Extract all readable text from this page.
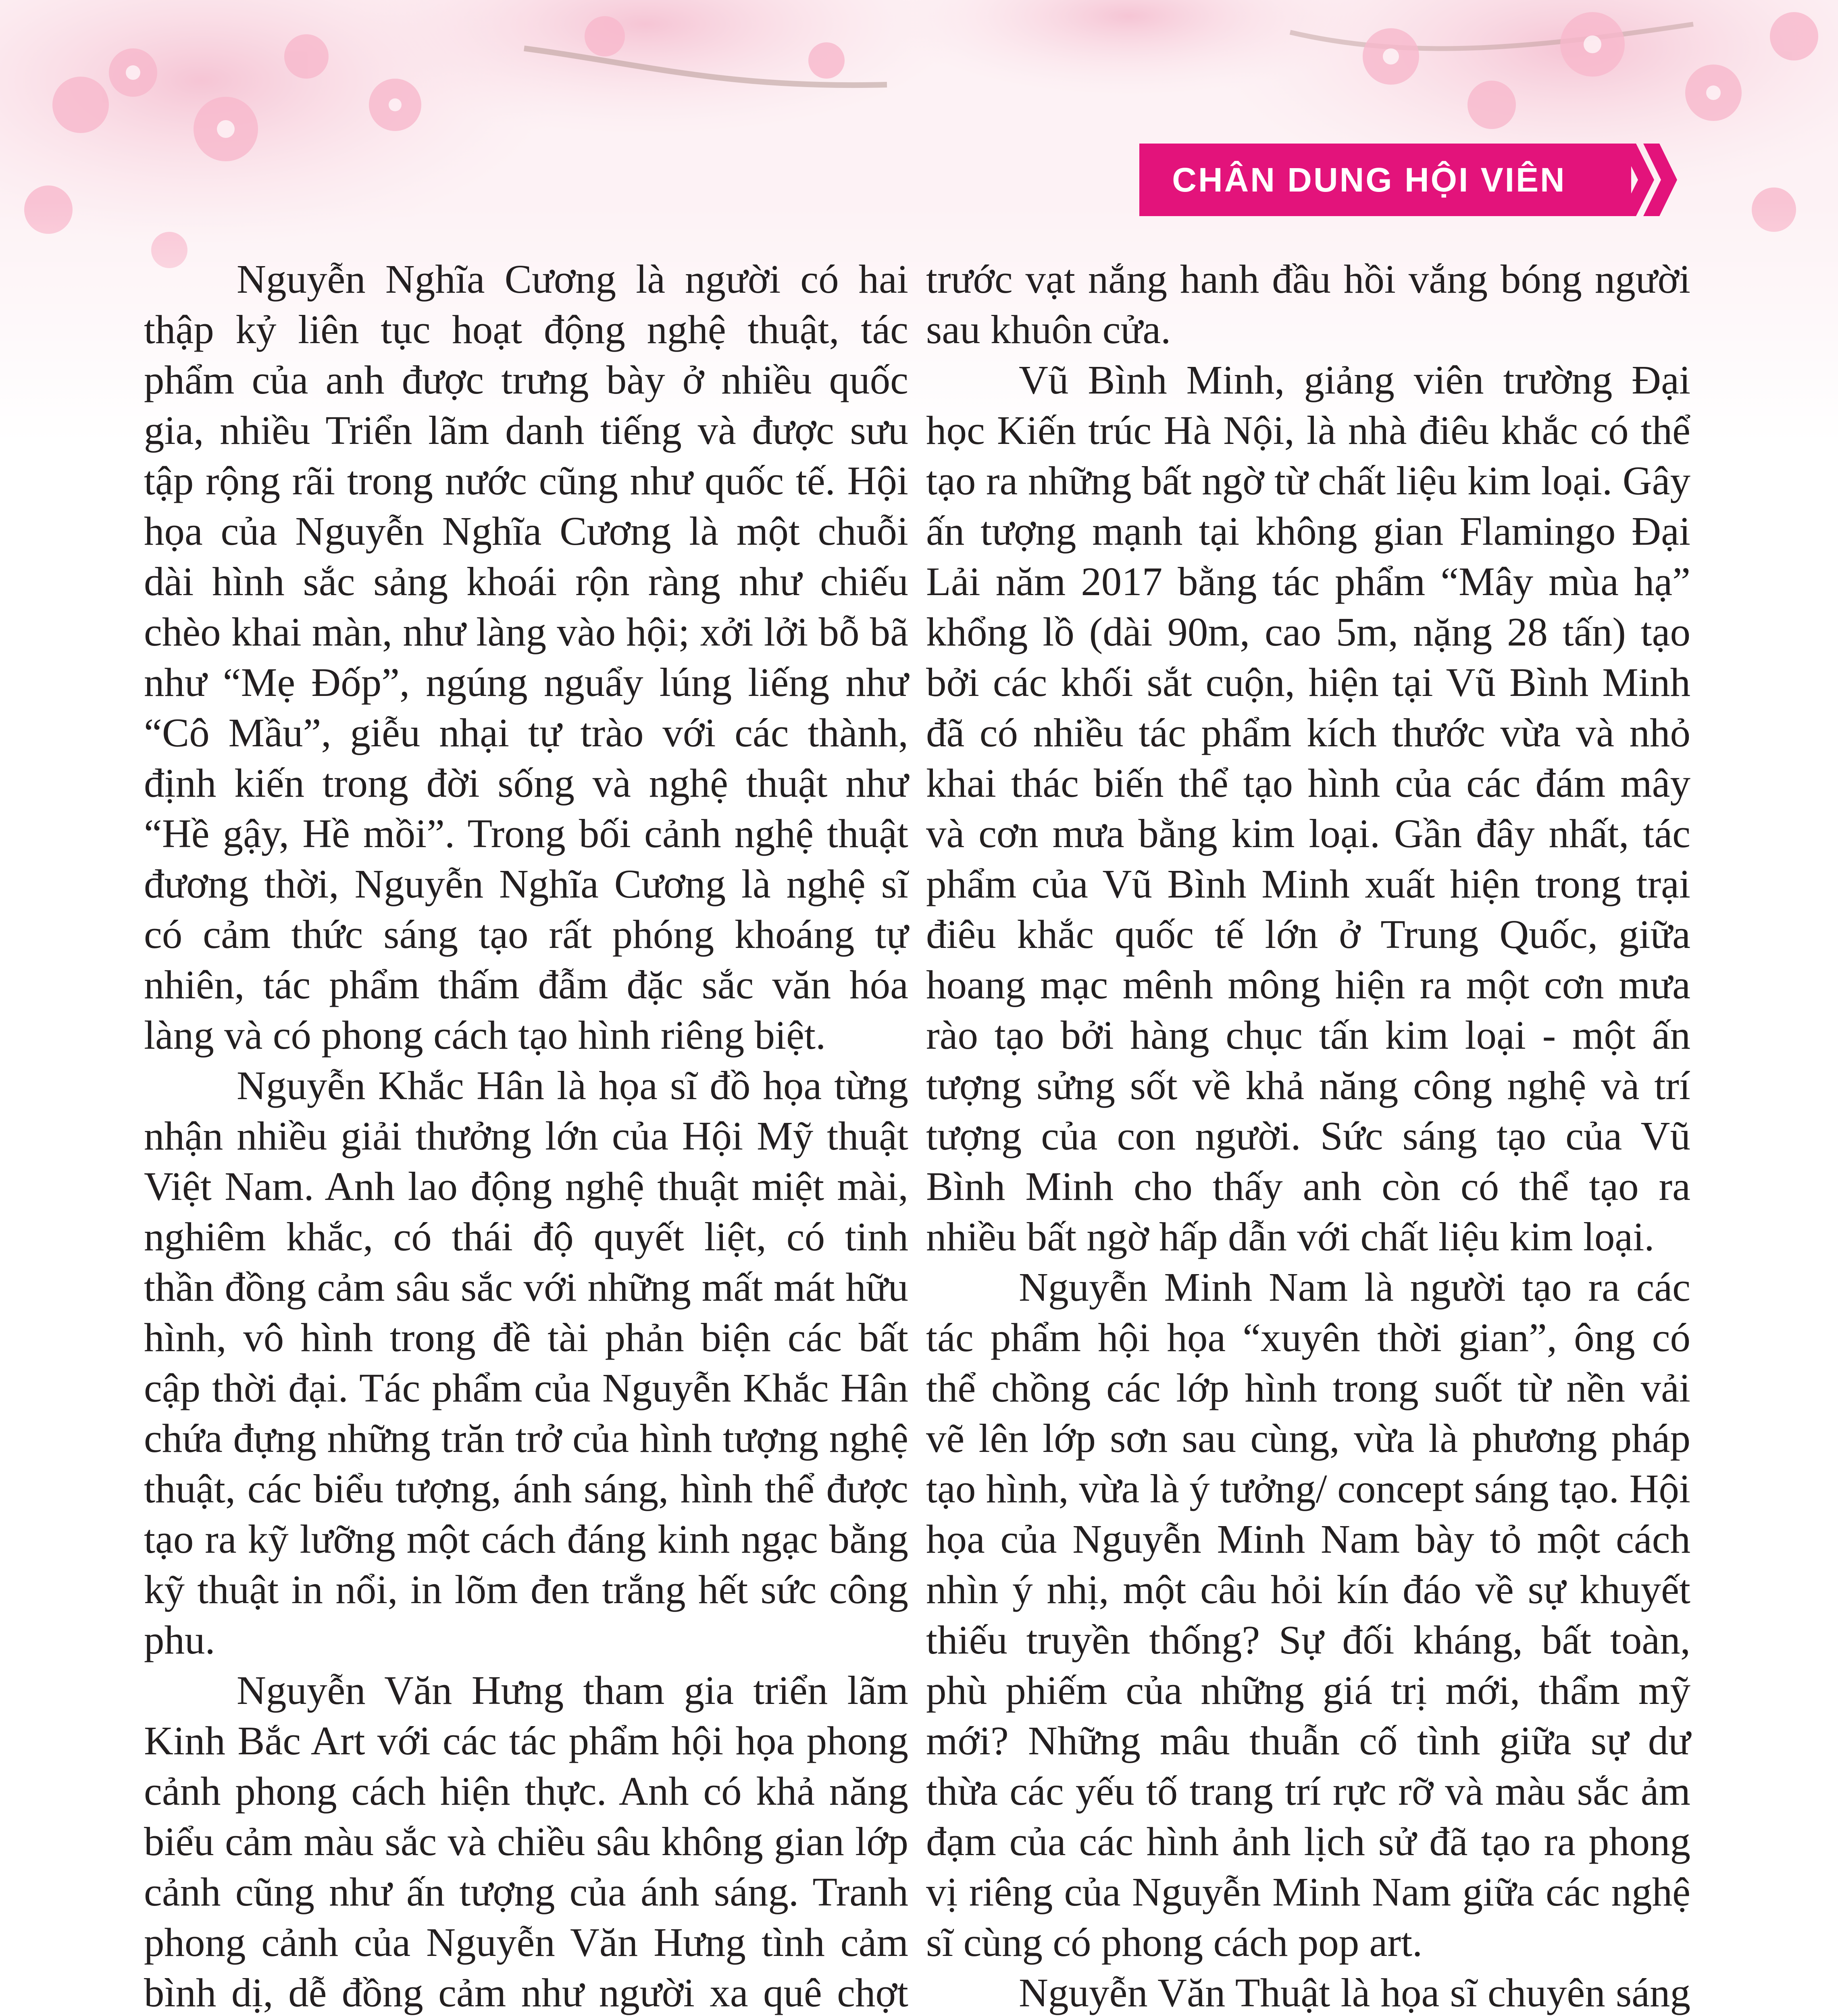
CHÂN DUNG HỘI VIÊN

Nguyễn Nghĩa Cương là người có hai thập kỷ liên tục hoạt động nghệ thuật, tác phẩm của anh được trưng bày ở nhiều quốc gia, nhiều Triển lãm danh tiếng và được sưu tập rộng rãi trong nước cũng như quốc tế. Hội họa của Nguyễn Nghĩa Cương là một chuỗi dài hình sắc sảng khoái rộn ràng như chiếu chèo khai màn, như làng vào hội; xởi lởi bỗ bã như “Mẹ Đốp”, ngúng nguẩy lúng liếng như “Cô Mầu”, giễu nhại tự trào với các thành, định kiến trong đời sống và nghệ thuật như “Hề gậy, Hề mồi”. Trong bối cảnh nghệ thuật đương thời, Nguyễn Nghĩa Cương là nghệ sĩ có cảm thức sáng tạo rất phóng khoáng tự nhiên, tác phẩm thấm đẫm đặc sắc văn hóa làng và có phong cách tạo hình riêng biệt.

Nguyễn Khắc Hân là họa sĩ đồ họa từng nhận nhiều giải thưởng lớn của Hội Mỹ thuật Việt Nam. Anh lao động nghệ thuật miệt mài, nghiêm khắc, có thái độ quyết liệt, có tinh thần đồng cảm sâu sắc với những mất mát hữu hình, vô hình trong đề tài phản biện các bất cập thời đại. Tác phẩm của Nguyễn Khắc Hân chứa đựng những trăn trở của hình tượng nghệ thuật, các biểu tượng, ánh sáng, hình thể được tạo ra kỹ lưỡng một cách đáng kinh ngạc bằng kỹ thuật in nổi, in lõm đen trắng hết sức công phu.

Nguyễn Văn Hưng tham gia triển lãm Kinh Bắc Art với các tác phẩm hội họa phong cảnh phong cách hiện thực. Anh có khả năng biểu cảm màu sắc và chiều sâu không gian lớp cảnh cũng như ấn tượng của ánh sáng. Tranh phong cảnh của Nguyễn Văn Hưng tình cảm bình dị, dễ đồng cảm như người xa quê chợt

trước vạt nắng hanh đầu hồi vắng bóng người sau khuôn cửa.

Vũ Bình Minh, giảng viên trường Đại học Kiến trúc Hà Nội, là nhà điêu khắc có thể tạo ra những bất ngờ từ chất liệu kim loại. Gây ấn tượng mạnh tại không gian Flamingo Đại Lải năm 2017 bằng tác phẩm “Mây mùa hạ” khổng lồ (dài 90m, cao 5m, nặng 28 tấn) tạo bởi các khối sắt cuộn, hiện tại Vũ Bình Minh đã có nhiều tác phẩm kích thước vừa và nhỏ khai thác biến thể tạo hình của các đám mây và cơn mưa bằng kim loại. Gần đây nhất, tác phẩm của Vũ Bình Minh xuất hiện trong trại điêu khắc quốc tế lớn ở Trung Quốc, giữa hoang mạc mênh mông hiện ra một cơn mưa rào tạo bởi hàng chục tấn kim loại - một ấn tượng sửng sốt về khả năng công nghệ và trí tượng của con người. Sức sáng tạo của Vũ Bình Minh cho thấy anh còn có thể tạo ra nhiều bất ngờ hấp dẫn với chất liệu kim loại.

Nguyễn Minh Nam là người tạo ra các tác phẩm hội họa “xuyên thời gian”, ông có thể chồng các lớp hình trong suốt từ nền vải vẽ lên lớp sơn sau cùng, vừa là phương pháp tạo hình, vừa là ý tưởng/ concept sáng tạo. Hội họa của Nguyễn Minh Nam bày tỏ một cách nhìn ý nhị, một câu hỏi kín đáo về sự khuyết thiếu truyền thống? Sự đối kháng, bất toàn, phù phiếm của những giá trị mới, thẩm mỹ mới? Những mâu thuẫn cố tình giữa sự dư thừa các yếu tố trang trí rực rỡ và màu sắc ảm đạm của các hình ảnh lịch sử đã tạo ra phong vị riêng của Nguyễn Minh Nam giữa các nghệ sĩ cùng có phong cách pop art.

Nguyễn Văn Thuật là họa sĩ chuyên sáng
